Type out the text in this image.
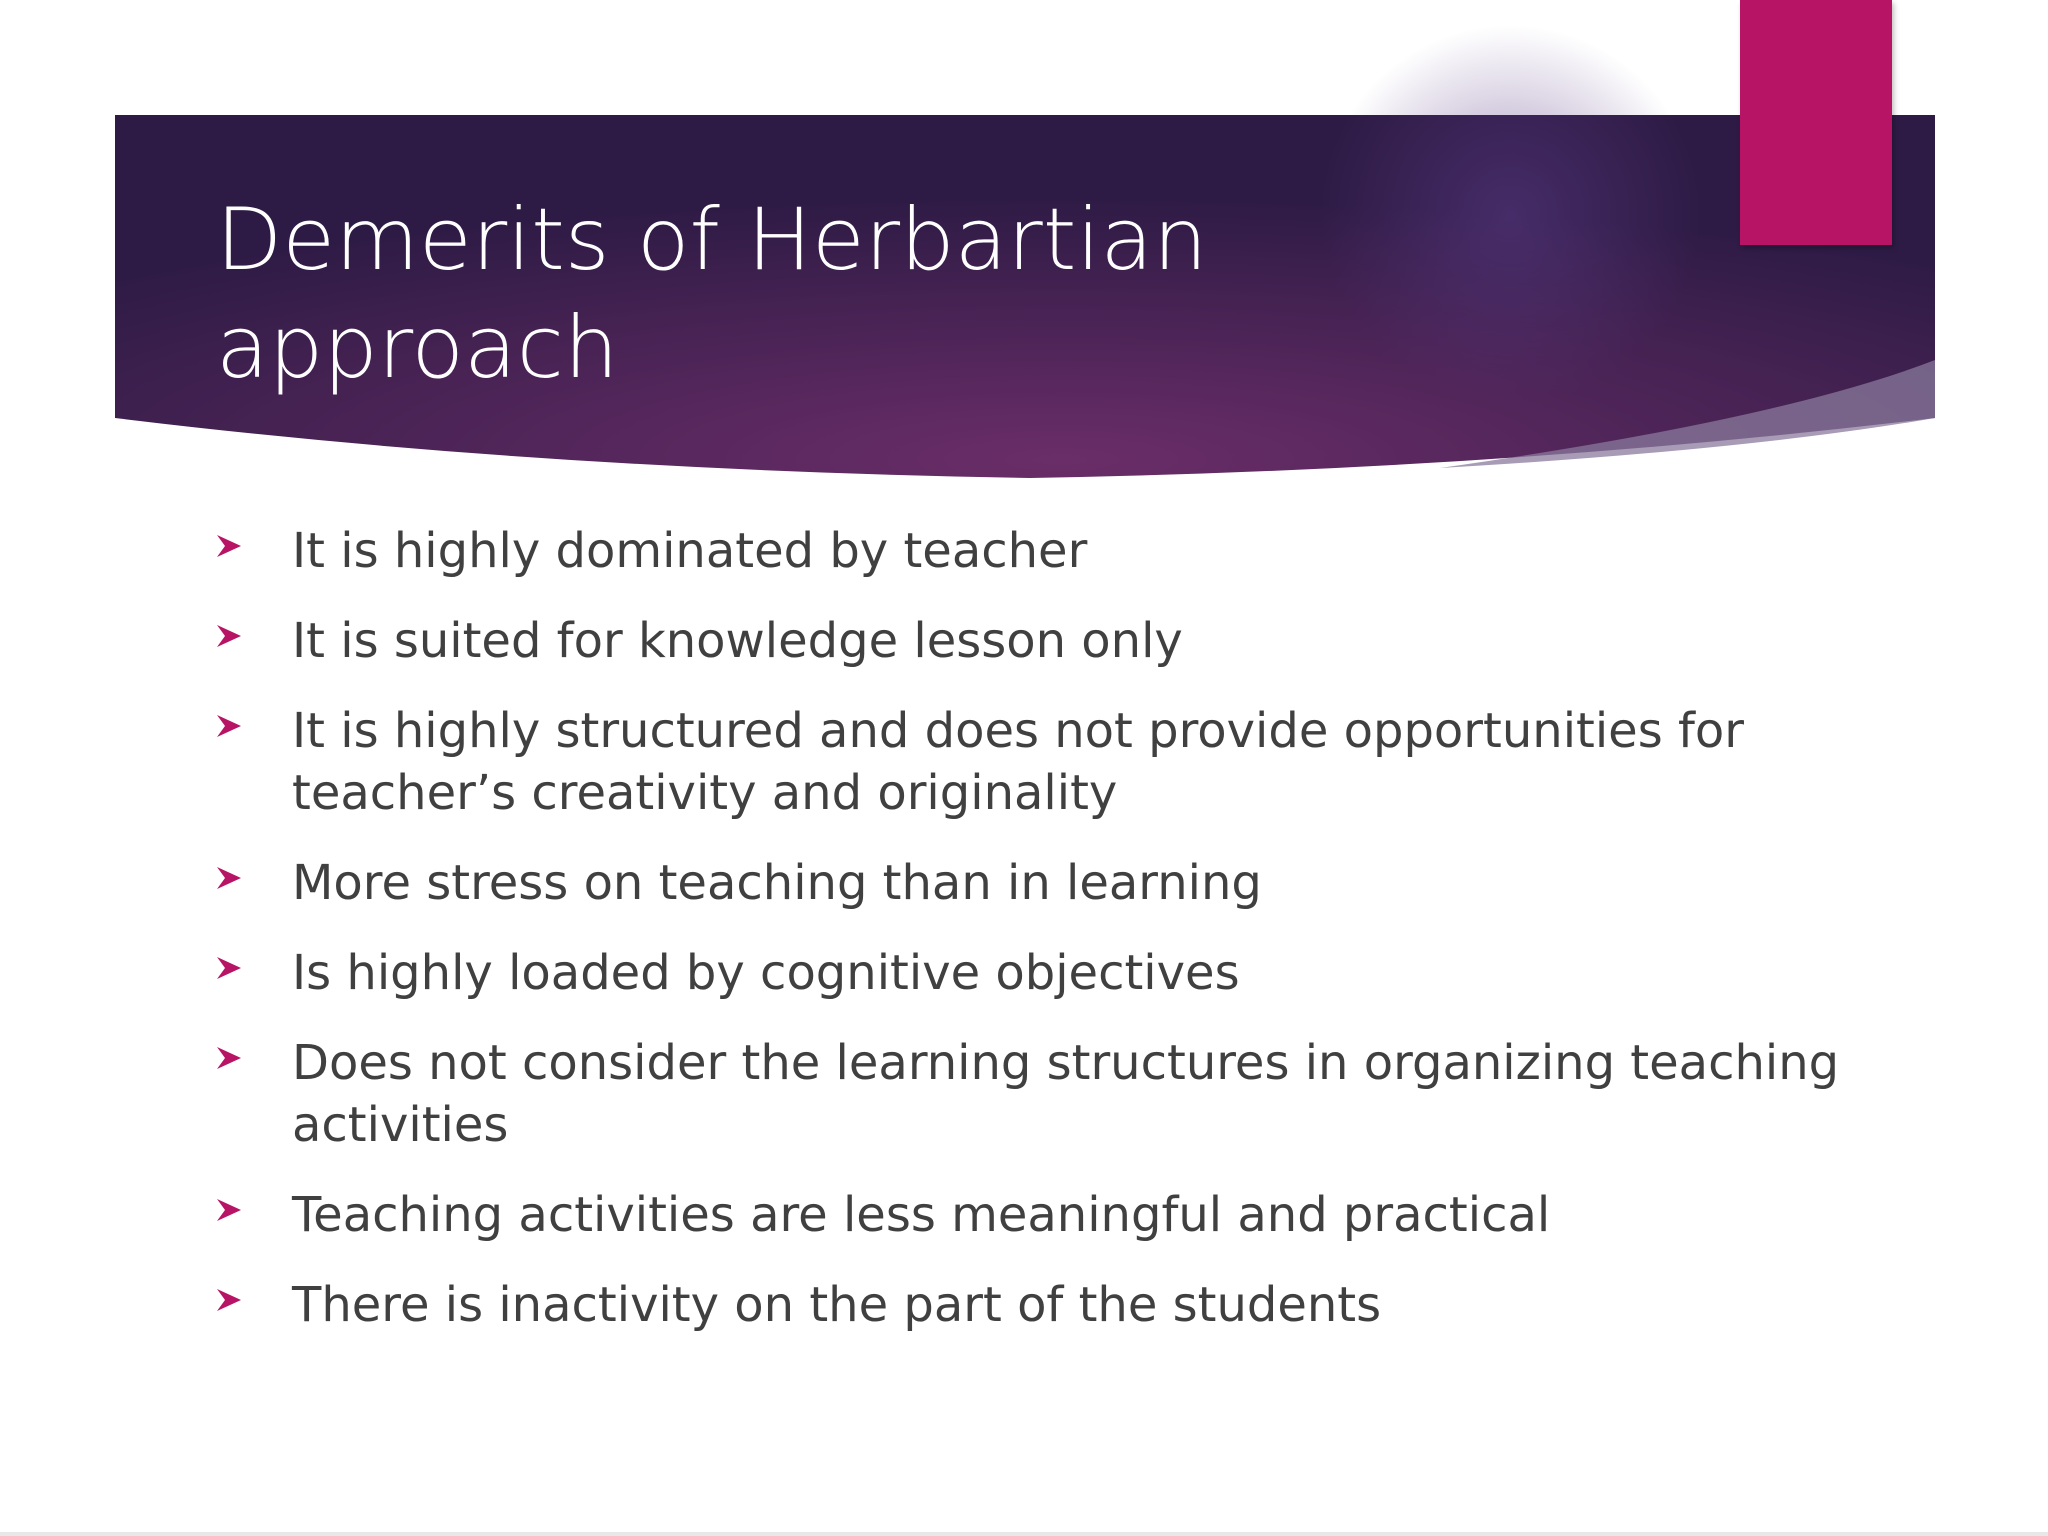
Demerits of Herbartian approach
It is highly dominated by teacher
It is suited for knowledge lesson only
It is highly structured and does not provide opportunities for teacher’s creativity and originality
More stress on teaching than in learning
Is highly loaded by cognitive objectives
Does not consider the learning structures in organizing teaching activities
Teaching activities are less meaningful and practical
There is inactivity on the part of the students
